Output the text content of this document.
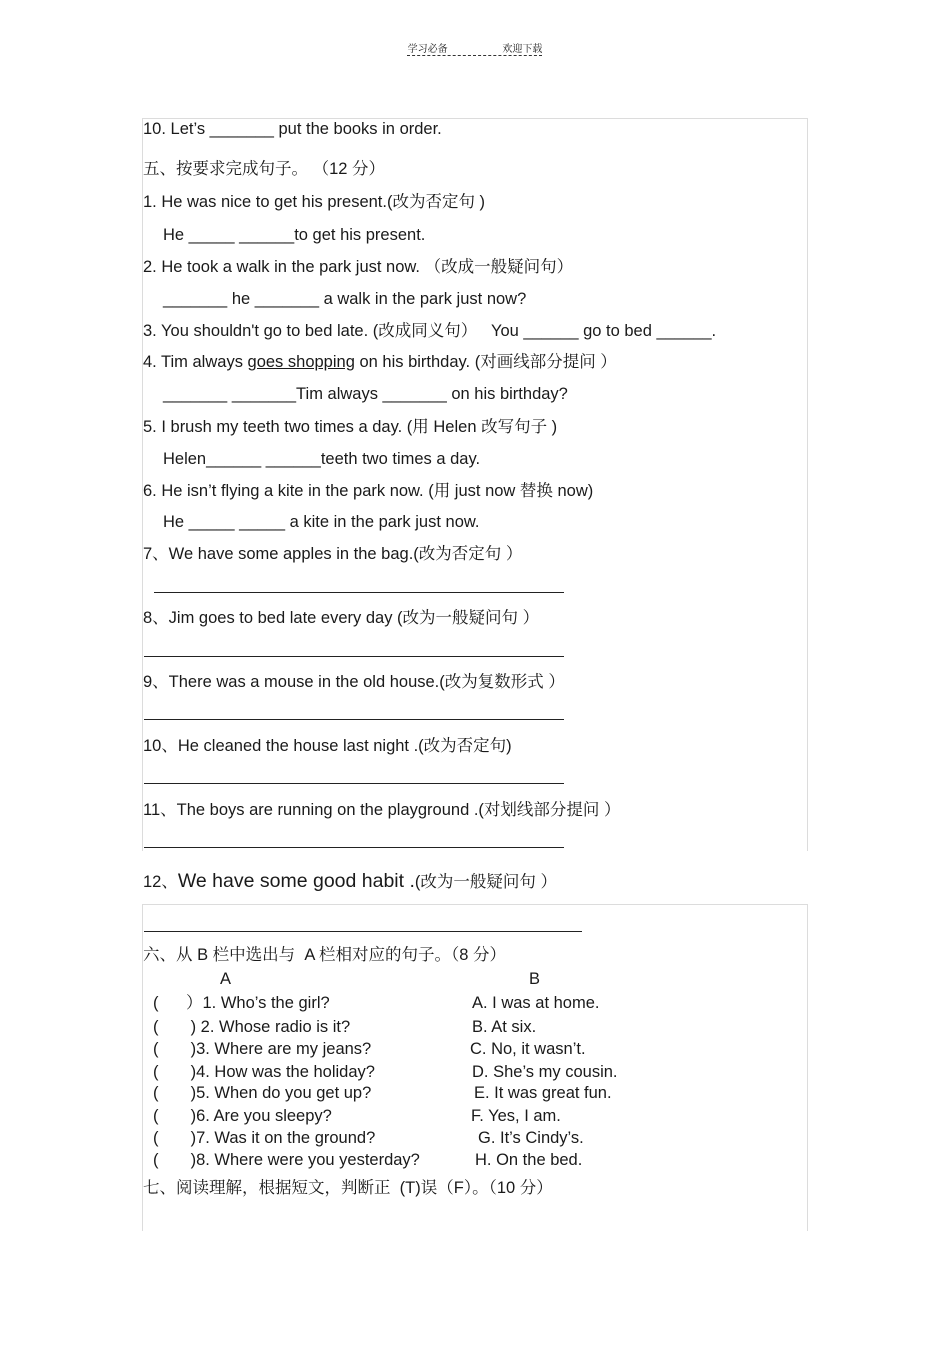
学习必备	欢迎下载
10. Let’s _______ put the books in order.
五、按要求完成句子。 （12 分）
1. He was nice to get his present.(改为否定句 )
He _____ ______to get his present.
2. He took a walk in the park just now. （改成一般疑问句）
_______ he _______ a walk in the park just now?
3. You shouldn't go to bed late. (改成同义句）   You ______ go to bed ______.
4. Tim always goes shopping on his birthday. (对画线部分提问 ）
_______ _______Tim always _______ on his birthday?
5. I brush my teeth two times a day. (用 Helen 改写句子 )
Helen______ ______teeth two times a day.
6. He isn’t flying a kite in the park now. (用 just now 替换 now)
He _____ _____ a kite in the park just now.
7、We have some apples in the bag.(改为否定句 ）
8、Jim goes to bed late every day (改为一般疑问句 ）
9、There was a mouse in the old house.(改为复数形式 ）
10、He cleaned the house last night .(改为否定句)
11、The boys are running on the playground .(对划线部分提问 ）
12、We have some good habit .(改为一般疑问句 ）
六、从 B 栏中选出与  A 栏相对应的句子。（8 分）
A	B
(      ）1. Who’s the girl?	A. I was at home.
(       ) 2. Whose radio is it?	B. At six.
(       )3. Where are my jeans?	C. No, it wasn’t.
(       )4. How was the holiday?	D. She’s my cousin.
(       )5. When do you get up?	E. It was great fun.
(       )6. Are you sleepy?	F. Yes, I am.
(       )7. Was it on the ground?	G. It’s Cindy’s.
(       )8. Where were you yesterday?	H. On the bed.
七、阅读理解，根据短文，判断正  (T)误（F）。（10 分）
